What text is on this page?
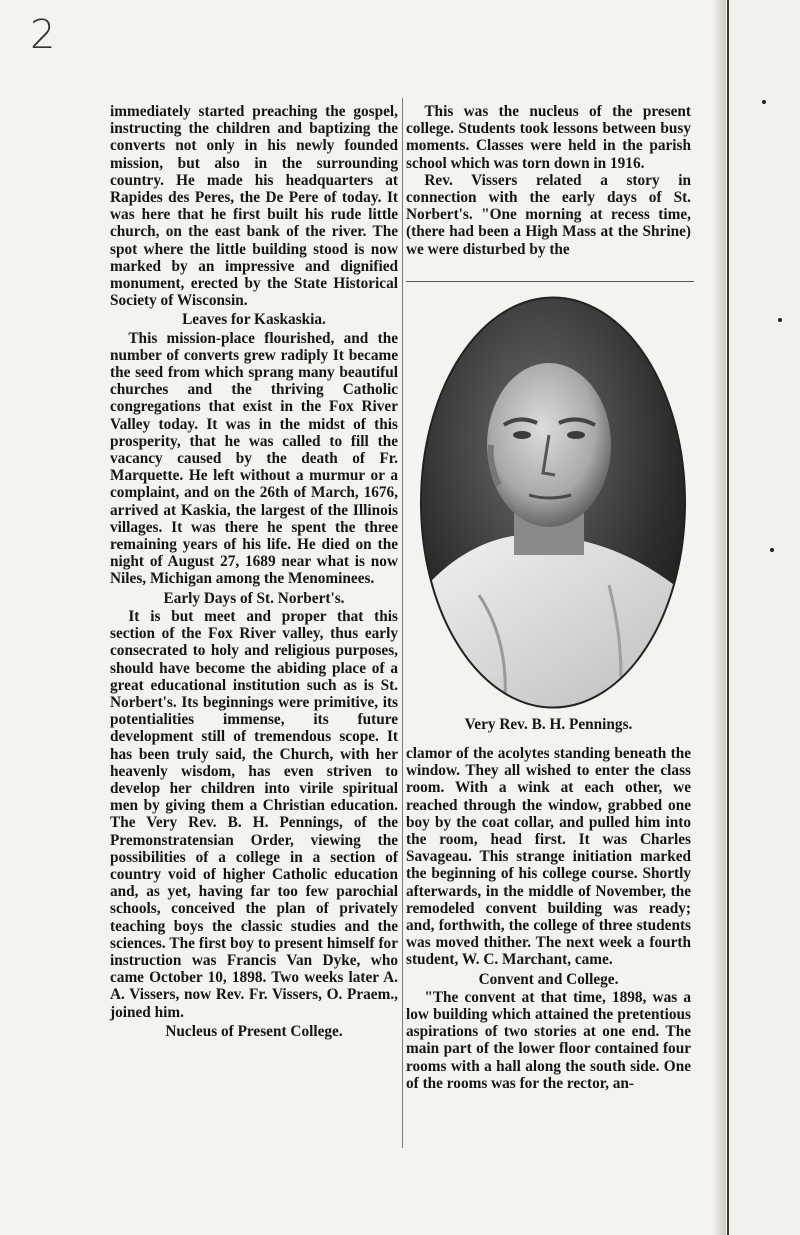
2

immediately started preaching the gospel, instructing the children and baptizing the converts not only in his newly founded mission, but also in the surrounding country. He made his headquarters at Rapides des Peres, the De Pere of today. It was here that he first built his rude little church, on the east bank of the river. The spot where the little building stood is now marked by an impressive and dignified monument, erected by the State Historical Society of Wisconsin.

Leaves for Kaskaskia.

This mission-place flourished, and the number of converts grew radiply It became the seed from which sprang many beautiful churches and the thriving Catholic congregations that exist in the Fox River Valley today. It was in the midst of this prosperity, that he was called to fill the vacancy caused by the death of Fr. Marquette. He left without a murmur or a complaint, and on the 26th of March, 1676, arrived at Kaskia, the largest of the Illinois villages. It was there he spent the three remaining years of his life. He died on the night of August 27, 1689 near what is now Niles, Michigan among the Menominees.

Early Days of St. Norbert's.

It is but meet and proper that this section of the Fox River valley, thus early consecrated to holy and religious purposes, should have become the abiding place of a great educational institution such as is St. Norbert's. Its beginnings were primitive, its potentialities immense, its future development still of tremendous scope. It has been truly said, the Church, with her heavenly wisdom, has even striven to develop her children into virile spiritual men by giving them a Christian education. The Very Rev. B. H. Pennings, of the Premonstratensian Order, viewing the possibilities of a college in a section of country void of higher Catholic education and, as yet, having far too few parochial schools, conceived the plan of privately teaching boys the classic studies and the sciences. The first boy to present himself for instruction was Francis Van Dyke, who came October 10, 1898. Two weeks later A. A. Vissers, now Rev. Fr. Vissers, O. Praem., joined him.

Nucleus of Present College.

This was the nucleus of the present college. Students took lessons between busy moments. Classes were held in the parish school which was torn down in 1916.

Rev. Vissers related a story in connection with the early days of St. Norbert's. "One morning at recess time, (there had been a High Mass at the Shrine) we were disturbed by the

Very Rev. B. H. Pennings.

clamor of the acolytes standing beneath the window. They all wished to enter the class room. With a wink at each other, we reached through the window, grabbed one boy by the coat collar, and pulled him into the room, head first. It was Charles Savageau. This strange initiation marked the beginning of his college course. Shortly afterwards, in the middle of November, the remodeled convent building was ready; and, forthwith, the college of three students was moved thither. The next week a fourth student, W. C. Marchant, came.

Convent and College.

"The convent at that time, 1898, was a low building which attained the pretentious aspirations of two stories at one end. The main part of the lower floor contained four rooms with a hall along the south side. One of the rooms was for the rector, an-
